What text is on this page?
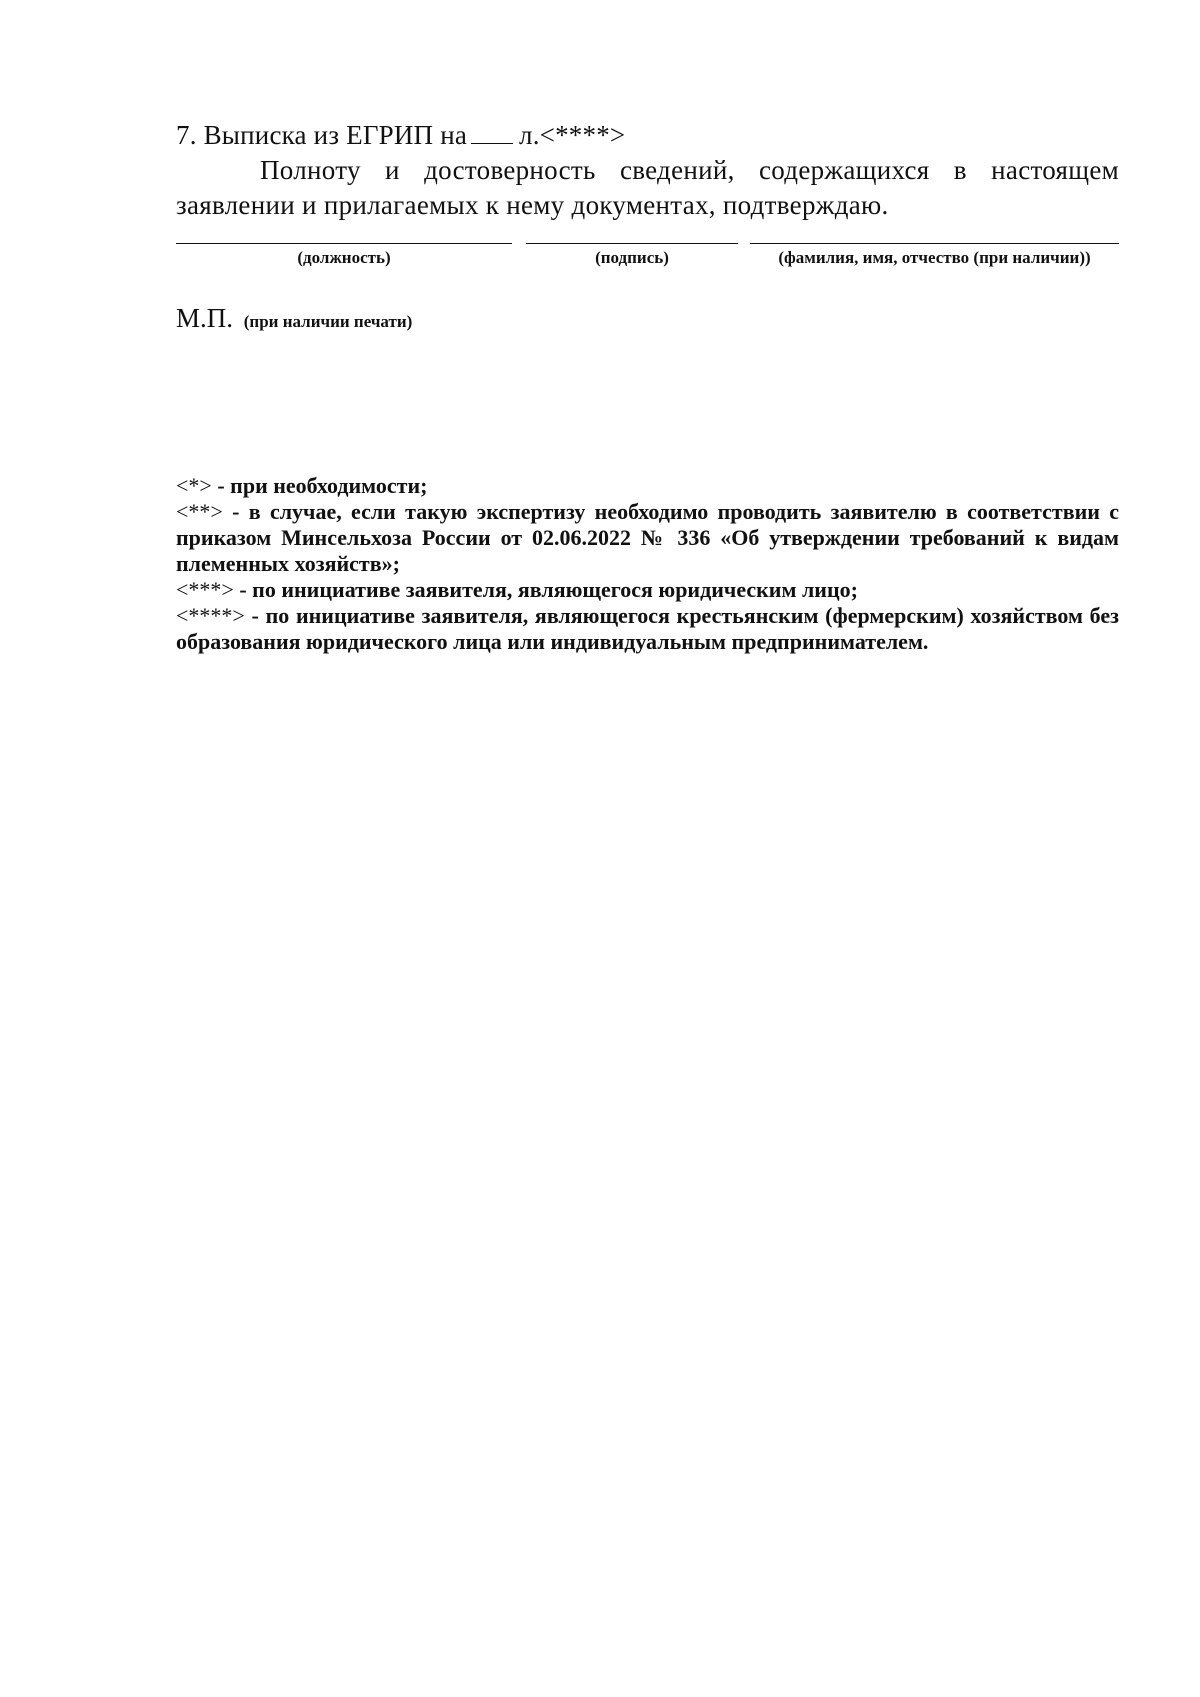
7. Выписка из ЕГРИП на л.<****>
Полноту и достоверность сведений, содержащихся в настоящем заявлении и прилагаемых к нему документах, подтверждаю.
(должность)	(подпись)	(фамилия, имя, отчество (при наличии))
М.П. (при наличии печати)

<*> - при необходимости;

<**> - в случае, если такую экспертизу необходимо проводить заявителю в соответствии с приказом Минсельхоза России от 02.06.2022 № 336 «Об утверждении требований к видам племенных хозяйств»;

<***> - по инициативе заявителя, являющегося юридическим лицо;

<****> - по инициативе заявителя, являющегося крестьянским (фермерским) хозяйством без образования юридического лица или индивидуальным предпринимателем.
